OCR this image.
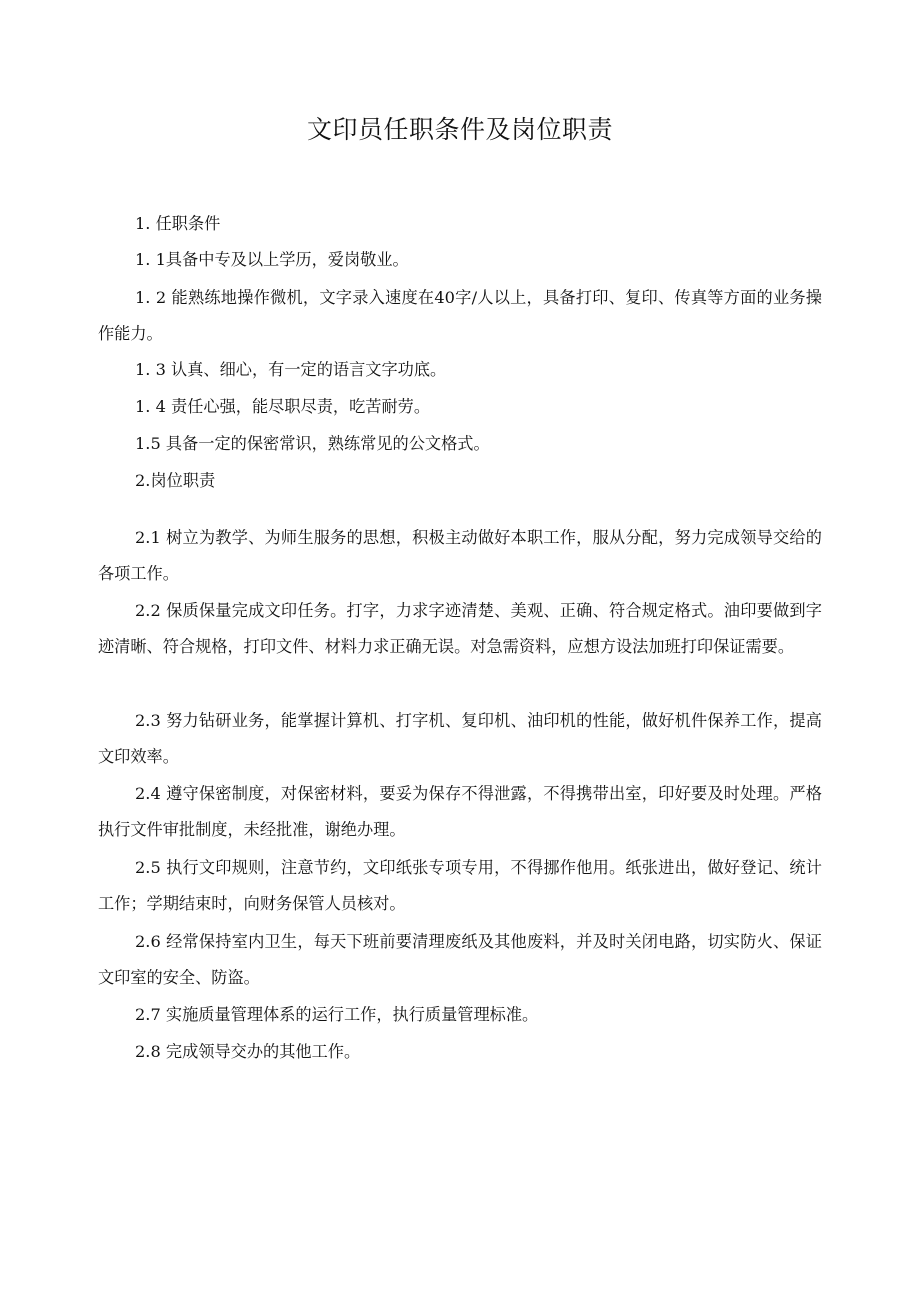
文印员任职条件及岗位职责

1. 任职条件

1. 1具备中专及以上学历，爱岗敬业。

1. 2 能熟练地操作微机，文字录入速度在40字/人以上，具备打印、复印、传真等方面的业务操作能力。

1. 3 认真、细心，有一定的语言文字功底。

1. 4 责任心强，能尽职尽责，吃苦耐劳。

1.5 具备一定的保密常识，熟练常见的公文格式。

2.岗位职责

2.1 树立为教学、为师生服务的思想，积极主动做好本职工作，服从分配，努力完成领导交给的各项工作。

2.2 保质保量完成文印任务。打字，力求字迹清楚、美观、正确、符合规定格式。油印要做到字迹清晰、符合规格，打印文件、材料力求正确无误。对急需资料，应想方设法加班打印保证需要。

2.3 努力钻研业务，能掌握计算机、打字机、复印机、油印机的性能，做好机件保养工作，提高文印效率。

2.4 遵守保密制度，对保密材料，要妥为保存不得泄露，不得携带出室，印好要及时处理。严格执行文件审批制度，未经批准，谢绝办理。

2.5 执行文印规则，注意节约，文印纸张专项专用，不得挪作他用。纸张进出，做好登记、统计工作；学期结束时，向财务保管人员核对。

2.6 经常保持室内卫生，每天下班前要清理废纸及其他废料，并及时关闭电路，切实防火、保证文印室的安全、防盗。

2.7 实施质量管理体系的运行工作，执行质量管理标准。

2.8 完成领导交办的其他工作。
